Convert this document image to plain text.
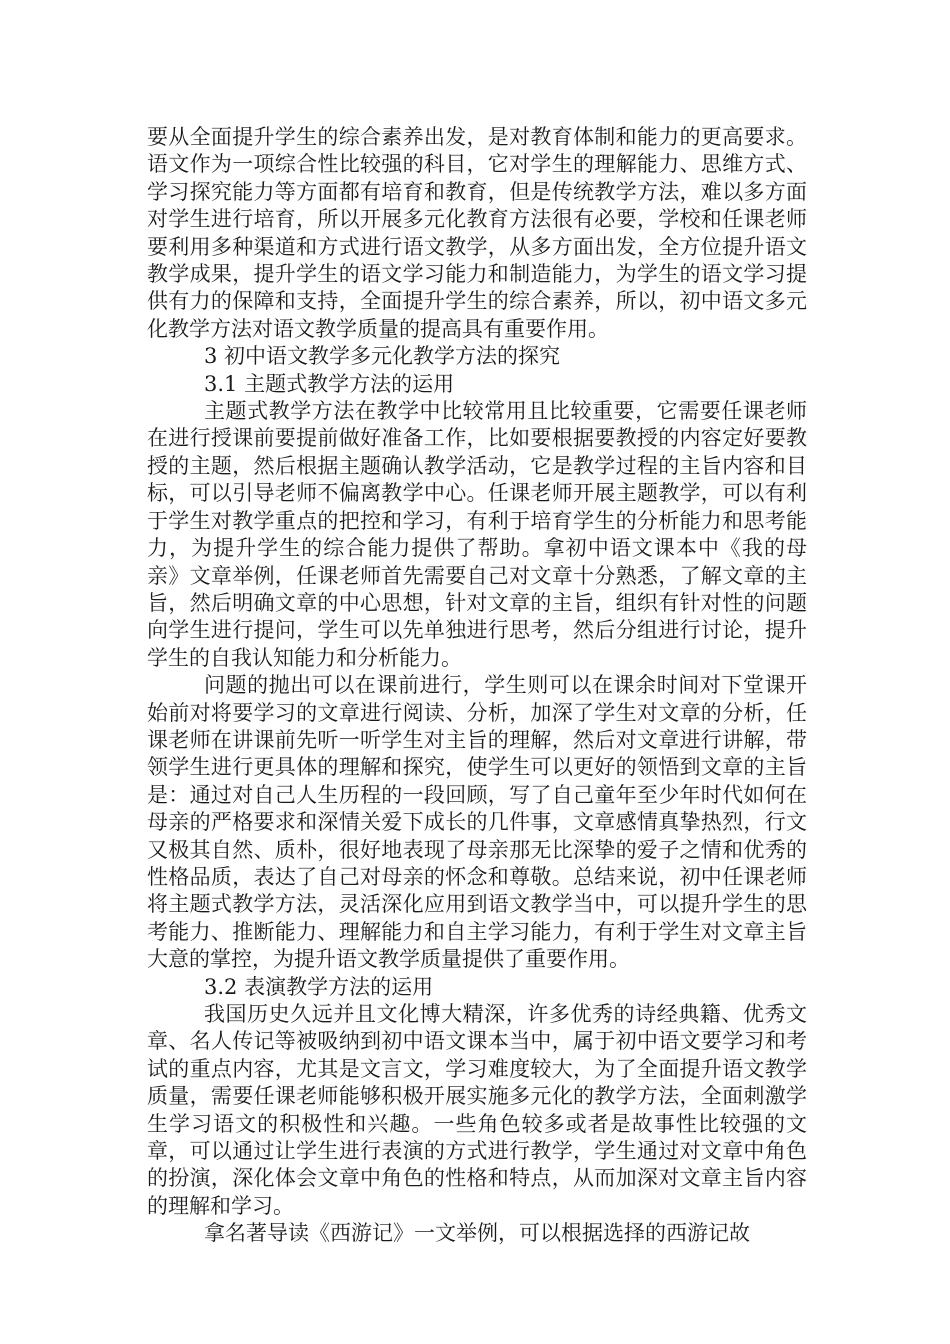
要从全面提升学生的综合素养出发，是对教育体制和能力的更高要求。语文作为一项综合性比较强的科目，它对学生的理解能力、思维方式、学习探究能力等方面都有培育和教育，但是传统教学方法，难以多方面对学生进行培育，所以开展多元化教育方法很有必要，学校和任课老师要利用多种渠道和方式进行语文教学，从多方面出发，全方位提升语文教学成果，提升学生的语文学习能力和制造能力，为学生的语文学习提供有力的保障和支持，全面提升学生的综合素养，所以，初中语文多元化教学方法对语文教学质量的提高具有重要作用。

3 初中语文教学多元化教学方法的探究

3.1 主题式教学方法的运用

主题式教学方法在教学中比较常用且比较重要，它需要任课老师在进行授课前要提前做好准备工作，比如要根据要教授的内容定好要教授的主题，然后根据主题确认教学活动，它是教学过程的主旨内容和目标，可以引导老师不偏离教学中心。任课老师开展主题教学，可以有利于学生对教学重点的把控和学习，有利于培育学生的分析能力和思考能力，为提升学生的综合能力提供了帮助。拿初中语文课本中《我的母亲》文章举例，任课老师首先需要自己对文章十分熟悉，了解文章的主旨，然后明确文章的中心思想，针对文章的主旨，组织有针对性的问题向学生进行提问，学生可以先单独进行思考，然后分组进行讨论，提升学生的自我认知能力和分析能力。

问题的抛出可以在课前进行，学生则可以在课余时间对下堂课开始前对将要学习的文章进行阅读、分析，加深了学生对文章的分析，任课老师在讲课前先听一听学生对主旨的理解，然后对文章进行讲解，带领学生进行更具体的理解和探究，使学生可以更好的领悟到文章的主旨是：通过对自己人生历程的一段回顾，写了自己童年至少年时代如何在母亲的严格要求和深情关爱下成长的几件事，文章感情真挚热烈，行文又极其自然、质朴，很好地表现了母亲那无比深挚的爱子之情和优秀的性格品质，表达了自己对母亲的怀念和尊敬。总结来说，初中任课老师将主题式教学方法，灵活深化应用到语文教学当中，可以提升学生的思考能力、推断能力、理解能力和自主学习能力，有利于学生对文章主旨大意的掌控，为提升语文教学质量提供了重要作用。

3.2 表演教学方法的运用

我国历史久远并且文化博大精深，许多优秀的诗经典籍、优秀文章、名人传记等被吸纳到初中语文课本当中，属于初中语文要学习和考试的重点内容，尤其是文言文，学习难度较大，为了全面提升语文教学质量，需要任课老师能够积极开展实施多元化的教学方法，全面刺激学生学习语文的积极性和兴趣。一些角色较多或者是故事性比较强的文章，可以通过让学生进行表演的方式进行教学，学生通过对文章中角色的扮演，深化体会文章中角色的性格和特点，从而加深对文章主旨内容的理解和学习。

拿名著导读《西游记》一文举例，可以根据选择的西游记故
